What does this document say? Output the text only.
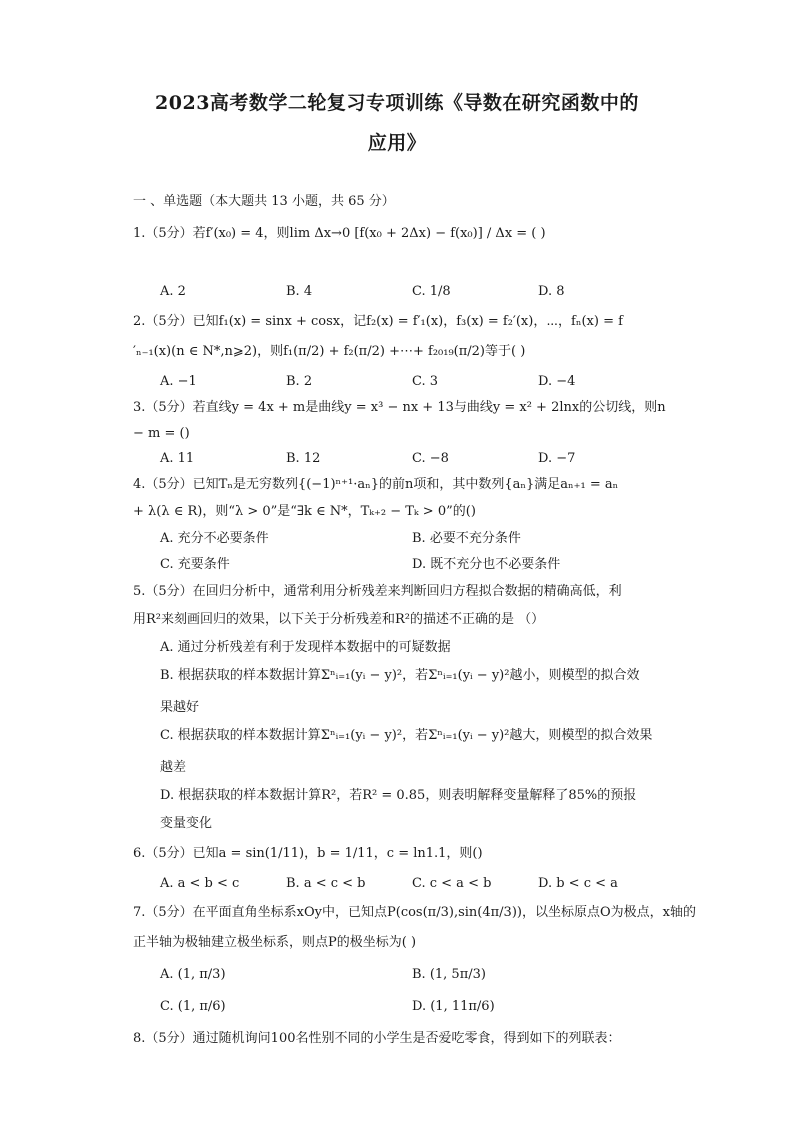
2023高考数学二轮复习专项训练《导数在研究函数中的
应用》
一 、单选题（本大题共 13 小题，共 65 分）
1.（5分）若f′(x₀) = 4，则lim Δx→0 [f(x₀ + 2Δx) − f(x₀)] / Δx = ( )
A. 2	B. 4	C. 1/8	D. 8
2.（5分）已知f₁(x) = sinx + cosx，记f₂(x) = f′₁(x)，f₃(x) = f₂′(x)，⋯，fₙ(x) = f
′ₙ₋₁(x)(n ∈ N*,n⩾2)，则f₁(π/2) + f₂(π/2) +⋯+ f₂₀₁₉(π/2)等于( )
A. −1	B. 2	C. 3	D. −4
3.（5分）若直线y = 4x + m是曲线y = x³ − nx + 13与曲线y = x² + 2lnx的公切线，则n
− m = ()
A. 11	B. 12	C. −8	D. −7
4.（5分）已知Tₙ是无穷数列{(−1)ⁿ⁺¹·aₙ}的前n项和，其中数列{aₙ}满足aₙ₊₁ = aₙ
+ λ(λ ∈ R)，则“λ > 0”是“∃k ∈ N*，Tₖ₊₂ − Tₖ > 0”的()
A. 充分不必要条件	B. 必要不充分条件
C. 充要条件	D. 既不充分也不必要条件
5.（5分）在回归分析中，通常利用分析残差来判断回归方程拟合数据的精确高低，利
用R²来刻画回归的效果，以下关于分析残差和R²的描述不正确的是 （）
A. 通过分析残差有利于发现样本数据中的可疑数据
B. 根据获取的样本数据计算Σⁿᵢ₌₁(yᵢ − y)²，若Σⁿᵢ₌₁(yᵢ − y)²越小，则模型的拟合效
果越好
C. 根据获取的样本数据计算Σⁿᵢ₌₁(yᵢ − y)²，若Σⁿᵢ₌₁(yᵢ − y)²越大，则模型的拟合效果
越差
D. 根据获取的样本数据计算R²，若R² = 0.85，则表明解释变量解释了85%的预报
变量变化
6.（5分）已知a = sin(1/11)，b = 1/11，c = ln1.1，则()
A. a < b < c	B. a < c < b	C. c < a < b	D. b < c < a
7.（5分）在平面直角坐标系xOy中，已知点P(cos(π/3),sin(4π/3))，以坐标原点O为极点，x轴的
正半轴为极轴建立极坐标系，则点P的极坐标为( )
A. (1, π/3)	B. (1, 5π/3)
C. (1, π/6)	D. (1, 11π/6)
8.（5分）通过随机询问100名性别不同的小学生是否爱吃零食，得到如下的列联表：
